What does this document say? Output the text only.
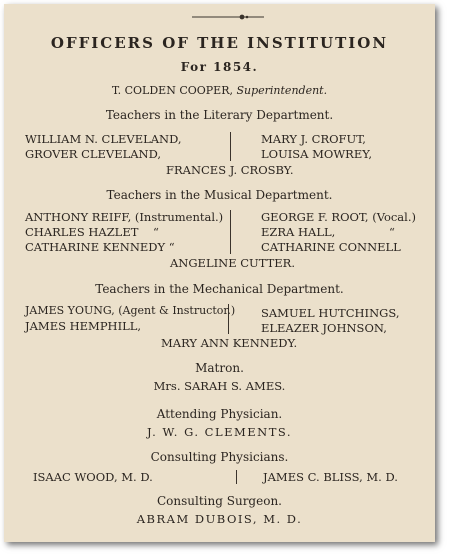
OFFICERS OF THE INSTITUTION
For 1854.
T. COLDEN COOPER, Superintendent.
Teachers in the Literary Department.
WILLIAM N. CLEVELAND,
GROVER CLEVELAND,
MARY J. CROFUT,
LOUISA MOWREY,
FRANCES J. CROSBY.
Teachers in the Musical Department.
ANTHONY REIFF, (Instrumental.)
CHARLES HAZLET    “
CATHARINE KENNEDY “
GEORGE F. ROOT, (Vocal.)
EZRA HALL,	“
CATHARINE CONNELL
ANGELINE CUTTER.
Teachers in the Mechanical Department.
JAMES YOUNG, (Agent & Instructor.)
JAMES HEMPHILL,
SAMUEL HUTCHINGS,
ELEAZER JOHNSON,
MARY ANN KENNEDY.
Matron.
Mrs. SARAH S. AMES.
Attending Physician.
J. W. G. CLEMENTS.
Consulting Physicians.
ISAAC WOOD, M. D.	JAMES C. BLISS, M. D.
Consulting Surgeon.
ABRAM DUBOIS, M. D.
